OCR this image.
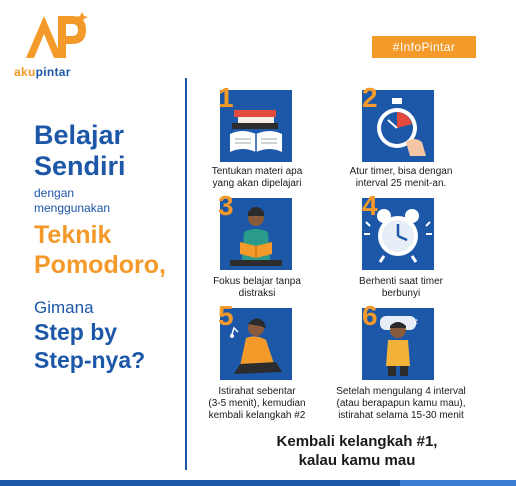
akupintar
#InfoPintar
Belajar
Sendiri
dengan
menggunakan
Teknik
Pomodoro,
Gimana
Step by
Step-nya?
1
Tentukan materi apa
yang akan dipelajari
2
Atur timer, bisa dengan
interval 25 menit-an.
3
Fokus belajar tanpa
distraksi
4
Berhenti saat timer
berbunyi
5
Istirahat sebentar
(3-5 menit), kemudian
kembali kelangkah #2
6	z
Setelah mengulang 4 interval
(atau berapapun kamu mau),
istirahat selama 15-30 menit
Kembali kelangkah #1,
kalau kamu mau
